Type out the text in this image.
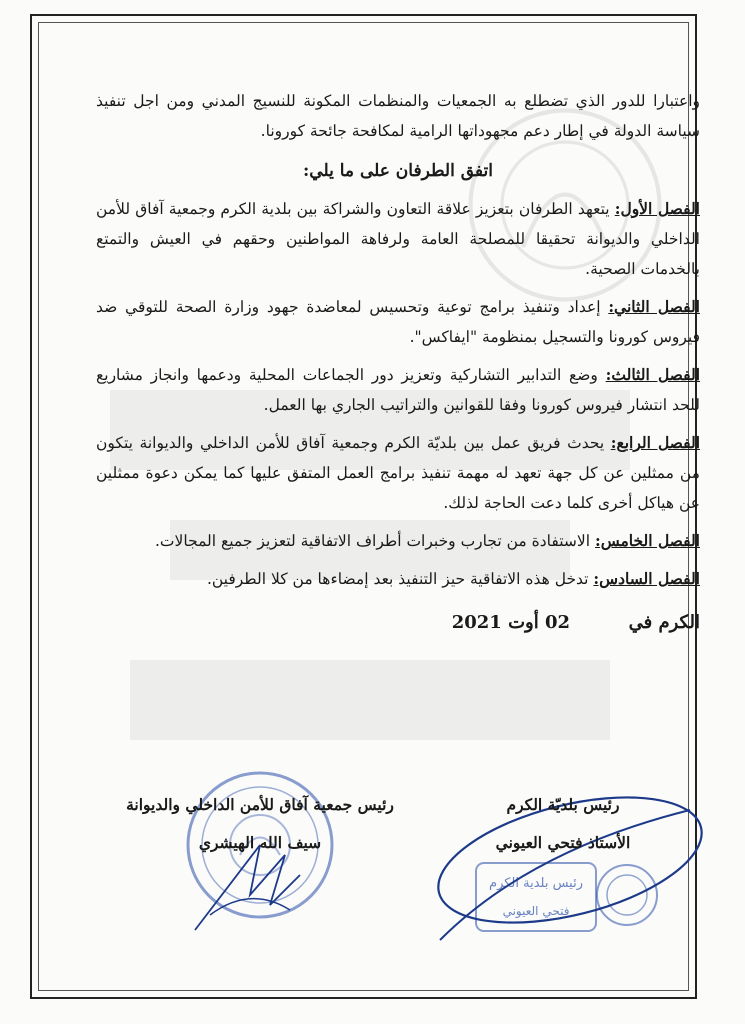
واعتبارا للدور الذي تضطلع به الجمعيات والمنظمات المكونة للنسيج المدني ومن اجل تنفيذ سياسة الدولة في إطار دعم مجهوداتها الرامية لمكافحة جائحة كورونا.

اتفق الطرفان على ما يلي:

الفصل الأول: يتعهد الطرفان بتعزيز علاقة التعاون والشراكة بين بلدية الكرم وجمعية آفاق للأمن الداخلي والديوانة تحقيقا للمصلحة العامة ولرفاهة المواطنين وحقهم في العيش والتمتع بالخدمات الصحية.

الفصل الثاني: إعداد وتنفيذ برامج توعية وتحسيس لمعاضدة جهود وزارة الصحة للتوقي ضد فيروس كورونا والتسجيل بمنظومة "ايفاكس".

الفصل الثالث: وضع التدابير التشاركية وتعزيز دور الجماعات المحلية ودعمها وانجاز مشاريع للحد انتشار فيروس كورونا وفقا للقوانين والتراتيب الجاري بها العمل.

الفصل الرابع: يحدث فريق عمل بين بلديّة الكرم وجمعية آفاق للأمن الداخلي والديوانة يتكون من ممثلين عن كل جهة تعهد له مهمة تنفيذ برامج العمل المتفق عليها كما يمكن دعوة ممثلين عن هياكل أخرى كلما دعت الحاجة لذلك.

الفصل الخامس: الاستفادة من تجارب وخبرات أطراف الاتفاقية لتعزيز جميع المجالات.

الفصل السادس: تدخل هذه الاتفاقية حيز التنفيذ بعد إمضاءها من كلا الطرفين.

الكرم في  02 أوت 2021

رئيس بلدية الكرم
فتحي العيوني
رئيس بلديّة الكرم
الأستاذ فتحي العيوني
رئيس جمعية آفاق للأمن الداخلي والديوانة
سيف الله الهيشري
